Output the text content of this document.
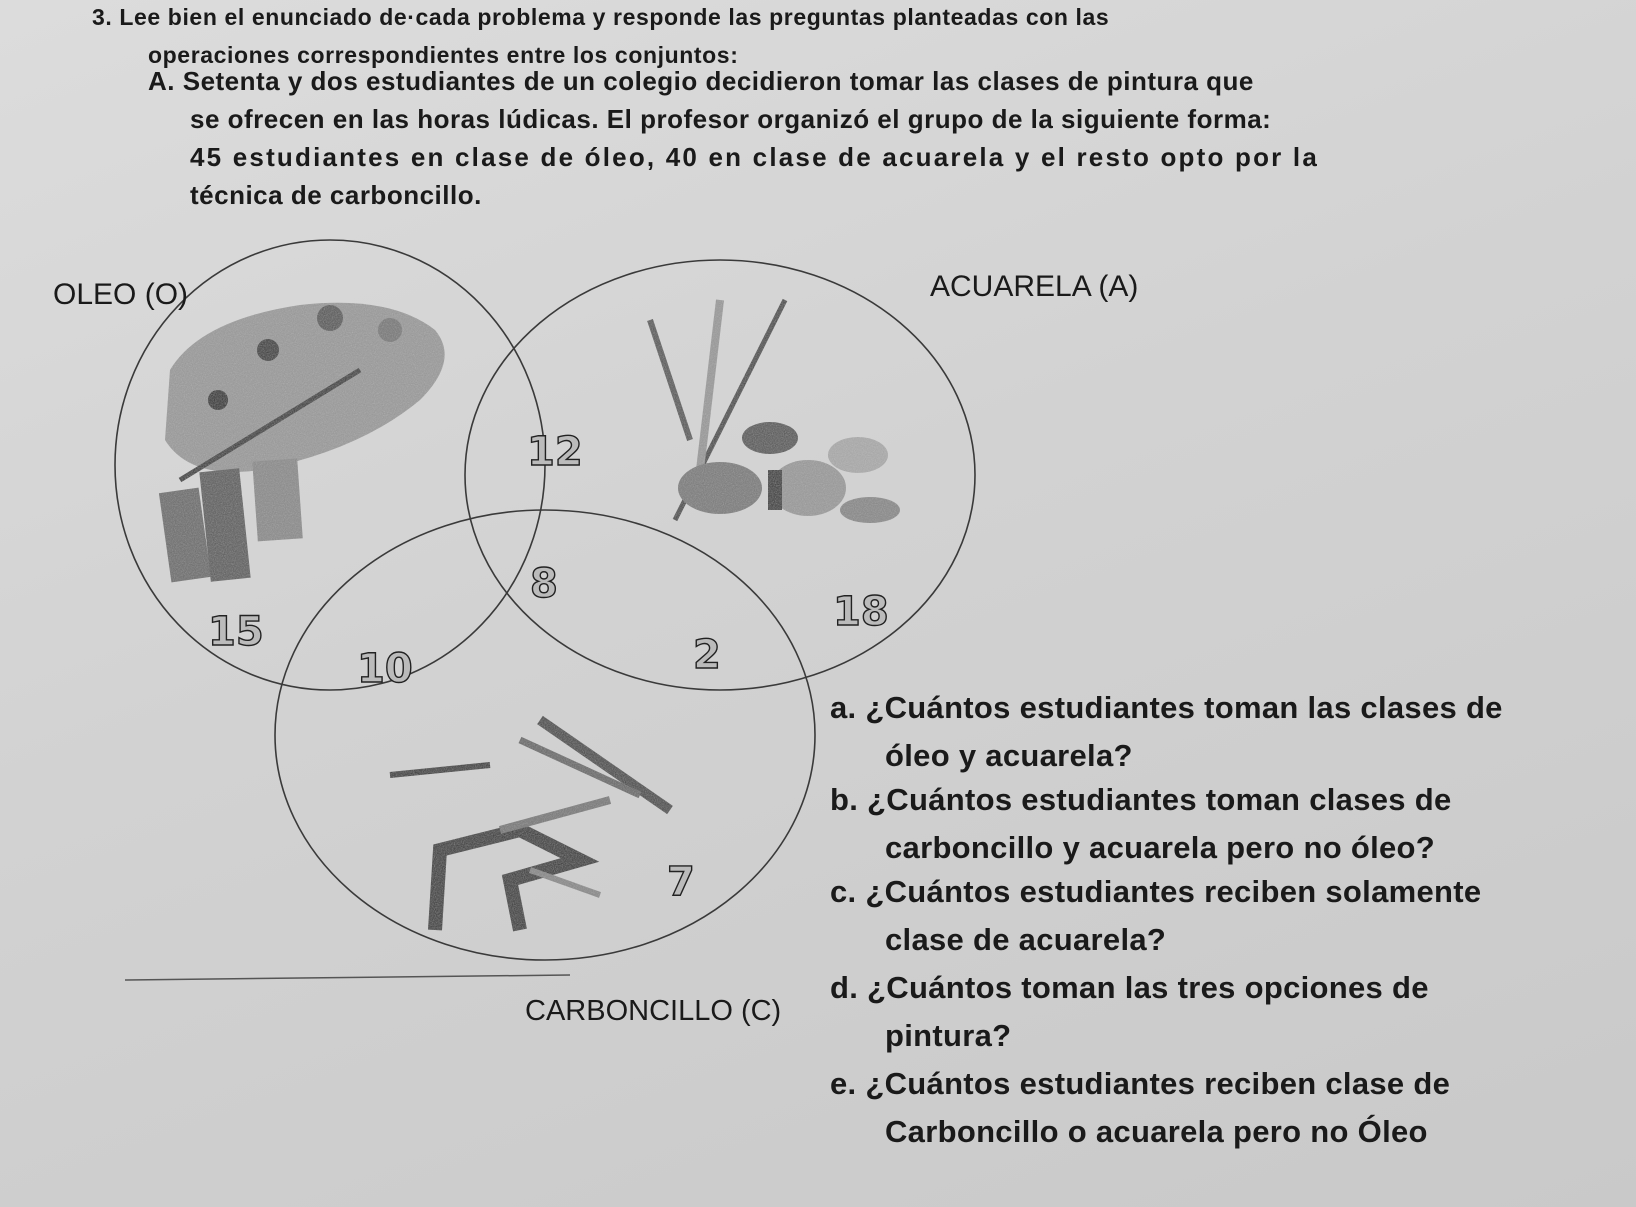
3. Lee bien el enunciado de·cada problema y responde las preguntas planteadas con las
operaciones correspondientes entre los conjuntos:
A. Setenta y dos estudiantes de un colegio decidieron tomar las clases de pintura que
se ofrecen en las horas lúdicas. El profesor organizó el grupo de la siguiente forma:
45 estudiantes en clase de óleo, 40 en clase de acuarela y el resto opto por la
técnica de carboncillo.
15
12
8
18
10	2
7
OLEO (O)	ACUARELA (A)
CARBONCILLO (C)
a. ¿Cuántos estudiantes toman las clases de
óleo y acuarela?
b. ¿Cuántos estudiantes toman clases de
carboncillo y acuarela pero no óleo?
c. ¿Cuántos estudiantes reciben solamente
clase de acuarela?
d. ¿Cuántos toman las tres opciones de
pintura?
e. ¿Cuántos estudiantes reciben clase de
Carboncillo o acuarela pero no Óleo
